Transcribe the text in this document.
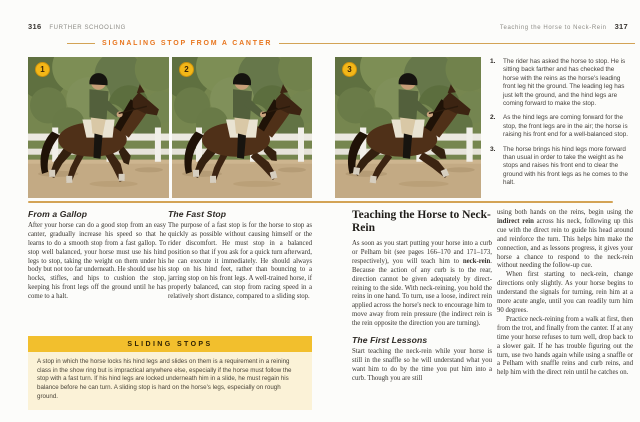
316 FURTHER SCHOOLING	Teaching the Horse to Neck-Rein 317
SIGNALING STOP FROM A CANTER
1	2	3
1.	The rider has asked the horse to stop. He is sitting back farther and has checked the horse with the reins as the horse's leading front leg hit the ground. The leading leg has just left the ground, and the hind legs are coming forward to make the stop.
2.	As the hind legs are coming forward for the stop, the front legs are in the air; the horse is raising his front end for a well-balanced stop.
3.	The horse brings his hind legs more forward than usual in order to take the weight as he stops and raises his front end to clear the ground with his front legs as he comes to the halt.

From a Gallop

After your horse can do a good stop from an easy canter, gradually increase his speed so that he learns to do a smooth stop from a fast gallop. To stop well balanced, your horse must use his hind legs to stop, taking the weight on them under his body but not too far underneath. He should use his hocks, stifles, and hips to cushion the stop, keeping his front legs off the ground until he has come to a halt.

The Fast Stop

The purpose of a fast stop is for the horse to stop as quickly as possible without causing himself or the rider discomfort. He must stop in a balanced position so that if you ask for a quick turn afterward, he can execute it immediately. He should always stop on his hind feet, rather than bouncing to a jarring stop on his front legs. A well-trained horse, if properly balanced, can stop from racing speed in a relatively short distance, compared to a sliding stop.

SLIDING STOPS
A stop in which the horse locks his hind legs and slides on them is a requirement in a reining class in the show ring but is impractical anywhere else, especially if the horse must follow the stop with a fast turn. If his hind legs are locked underneath him in a slide, he must regain his balance before he can turn. A sliding stop is hard on the horse's legs, especially on rough ground.

Teaching the Horse to Neck-Rein

As soon as you start putting your horse into a curb or Pelham bit (see pages 166–170 and 171–173, respectively), you will teach him to neck-rein. Because the action of any curb is to the rear, direction cannot be given adequately by direct-reining to the side. With neck-reining, you hold the reins in one hand. To turn, use a loose, indirect rein applied across the horse's neck to encourage him to move away from rein pressure (the indirect rein is the rein opposite the direction you are turning).

The First Lessons

Start teaching the neck-rein while your horse is still in the snaffle so he will understand what you want him to do by the time you put him into a curb. Though you are still

using both hands on the reins, begin using the indirect rein across his neck, following up this cue with the direct rein to guide his head around and reinforce the turn. This helps him make the connection, and as lessons progress, it gives your horse a chance to respond to the neck-rein without needing the follow-up cue.

When first starting to neck-rein, change directions only slightly. As your horse begins to understand the signals for turning, rein him at a more acute angle, until you can readily turn him 90 degrees.

Practice neck-reining from a walk at first, then from the trot, and finally from the canter. If at any time your horse refuses to turn well, drop back to a slower gait. If he has trouble figuring out the turn, use two hands again while using a snaffle or a Pelham with snaffle reins and curb reins, and help him with the direct rein until he catches on.
